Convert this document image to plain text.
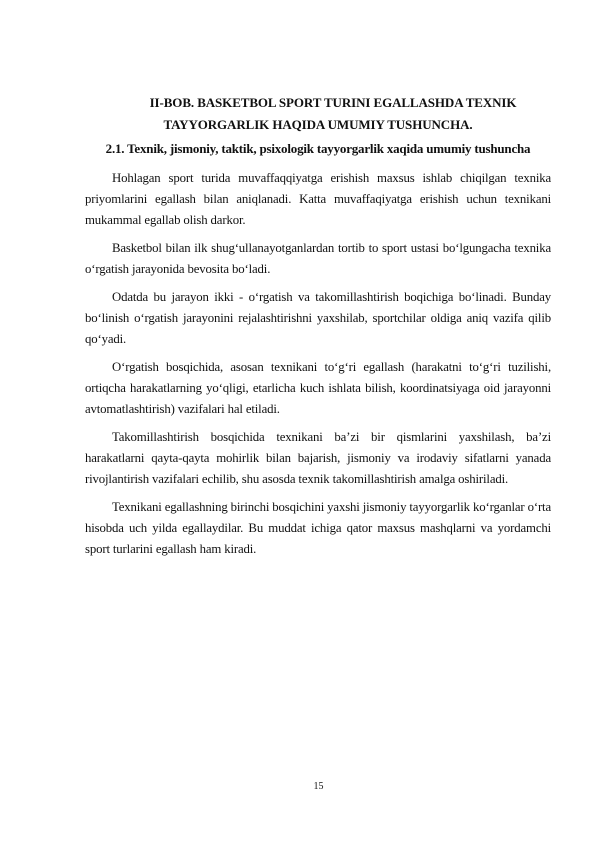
II-BOB. BASKETBOL SPORT TURINI EGALLASHDA TEXNIK
TAYYORGARLIK HAQIDA UMUMIY TUSHUNCHA.
2.1. Texnik, jismoniy, taktik, psixologik tayyorgarlik xaqida umumiy tushuncha

Hohlagan sport turida muvaffaqqiyatga erishish maxsus ishlab chiqilgan texnika priyomlarini egallash bilan aniqlanadi. Katta muvaffaqiyatga erishish uchun texnikani mukammal egallab olish darkor.

Basketbol bilan ilk shug‘ullanayotganlardan tortib to sport ustasi bo‘lgungacha texnika o‘rgatish jarayonida bevosita bo‘ladi.

Odatda bu jarayon ikki - o‘rgatish va takomillashtirish boqichiga bo‘linadi. Bunday bo‘linish o‘rgatish jarayonini rejalashtirishni yaxshilab, sportchilar oldiga aniq vazifa qilib qo‘yadi.

O‘rgatish bosqichida, asosan texnikani to‘g‘ri egallash (harakatni to‘g‘ri tuzilishi, ortiqcha harakatlarning yo‘qligi, etarlicha kuch ishlata bilish, koordinatsiyaga oid jarayonni avtomatlashtirish) vazifalari hal etiladi.

Takomillashtirish bosqichida texnikani ba’zi bir qismlarini yaxshilash, ba’zi harakatlarni qayta-qayta mohirlik bilan bajarish, jismoniy va irodaviy sifatlarni yanada rivojlantirish vazifalari echilib, shu asosda texnik takomillashtirish amalga oshiriladi.

Texnikani egallashning birinchi bosqichini yaxshi jismoniy tayyorgarlik ko‘rganlar o‘rta hisobda uch yilda egallaydilar. Bu muddat ichiga qator maxsus mashqlarni va yordamchi sport turlarini egallash ham kiradi.

15
